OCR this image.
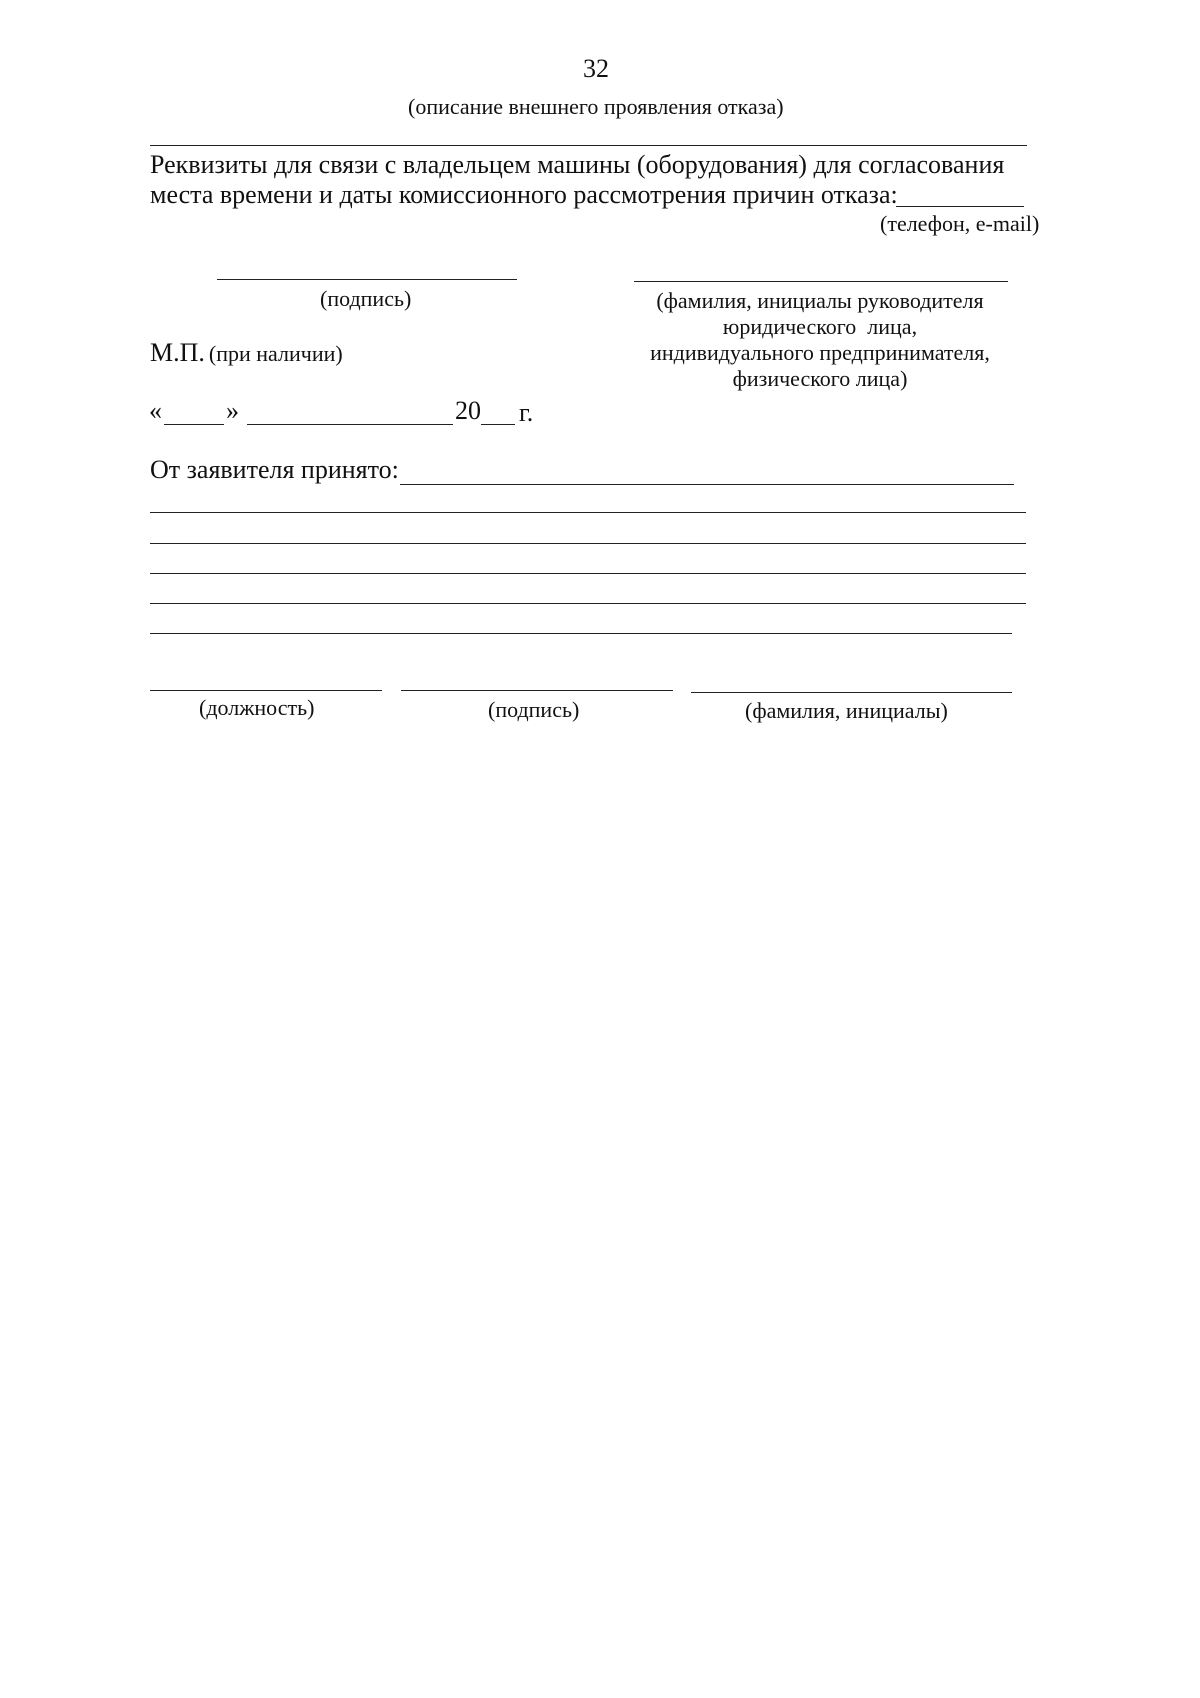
32
(описание внешнего проявления отказа)
Реквизиты для связи с владельцем машины (оборудования) для согласования
места времени и даты комиссионного рассмотрения причин отказа:
(телефон, e-mail)
(подпись)	(фамилия, инициалы руководителя
юридического  лица,
индивидуального предпринимателя,
физического лица)
М.П. (при наличии)
« »	20 г.
От заявителя принято:
(должность)	(подпись)	(фамилия, инициалы)
